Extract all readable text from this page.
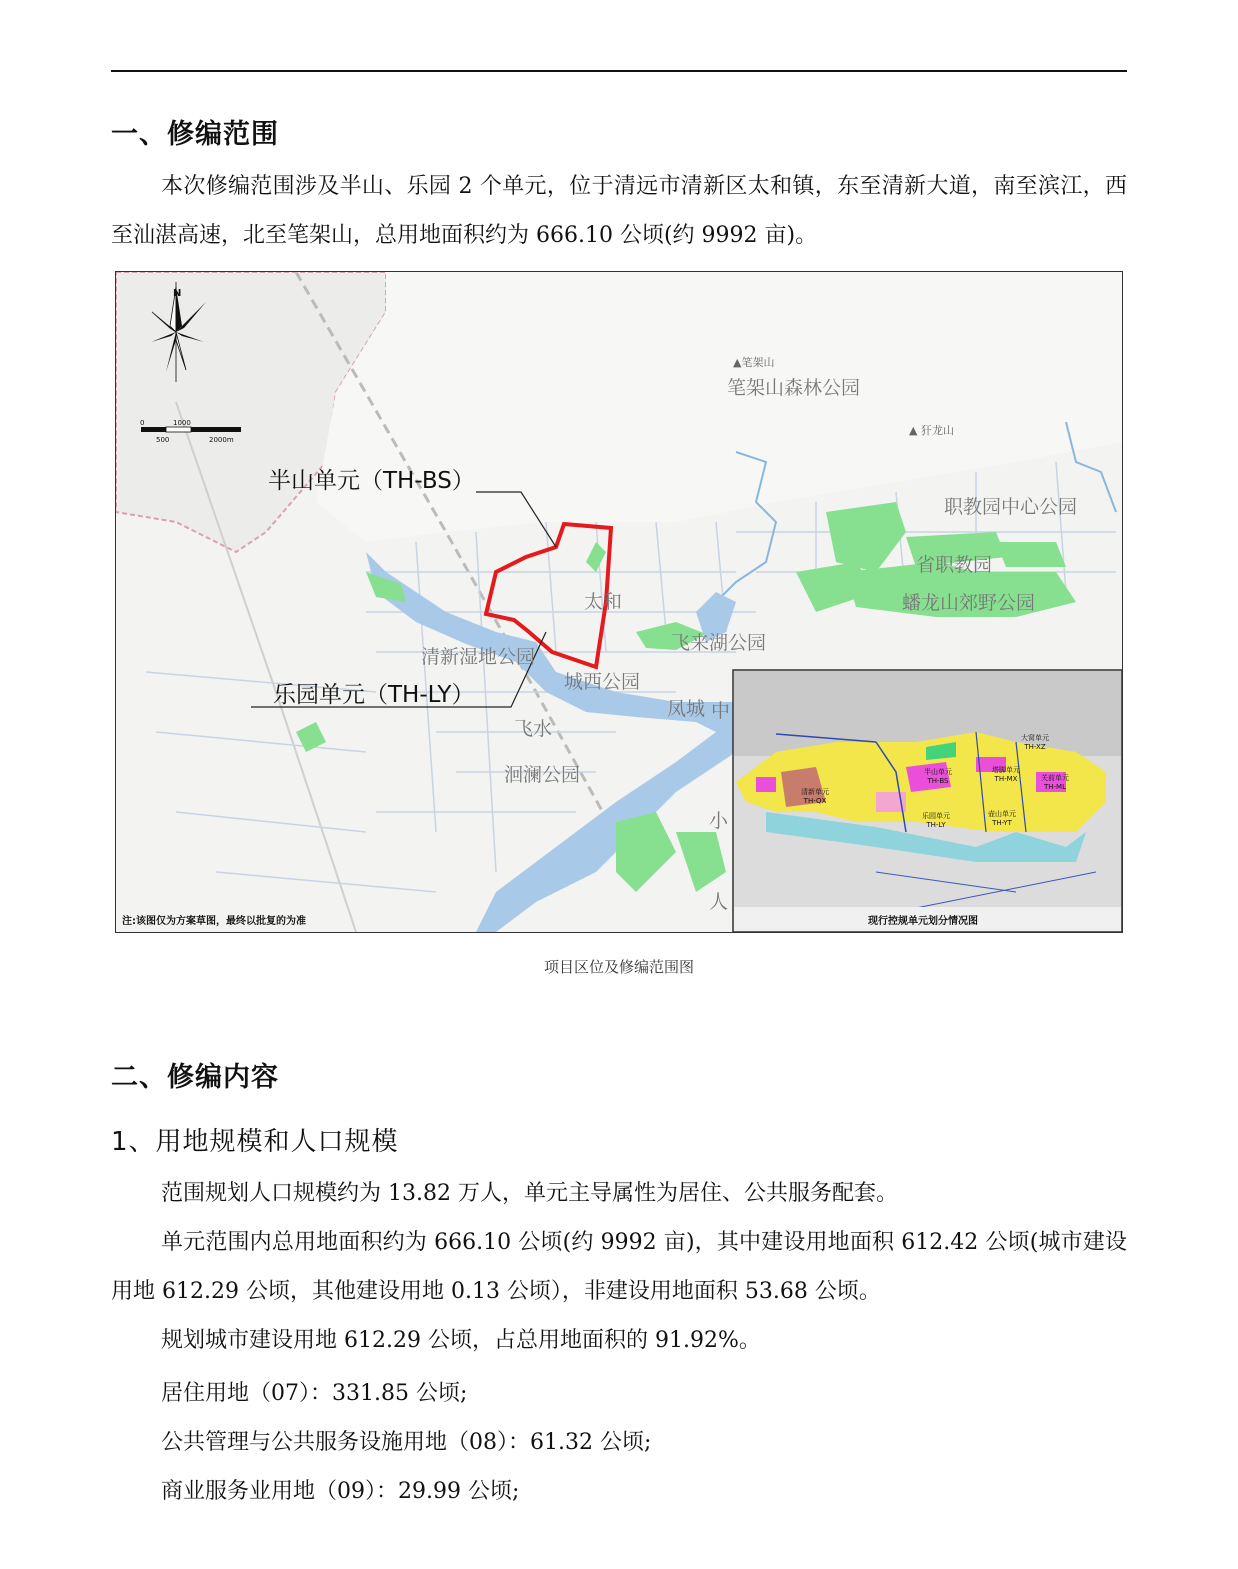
一、修编范围

本次修编范围涉及半山、乐园 2 个单元，位于清远市清新区太和镇，东至清新大道，南至滨江，西至汕湛高速，北至笔架山，总用地面积约为 666.10 公顷(约 9992 亩)。

N
0	1000
500	2000m
半山单元（TH-BS）
乐园单元（TH-LY）
▲笔架山
笔架山森林公园
▲ 犴龙山
职教园中心公园
省职教园
蟠龙山郊野公园
太和
飞来湖公园
清新湿地公园
城西公园
凤城 中
飞水
洄澜公园
小
人
注:该图仅为方案草图，最终以批复的为准
半山单元
TH-BS
乐园单元
TH-LY
塔脚单元
TH-MX
大窝单元
TH-XZ
关前单元
TH-ML
壶山单元
TH-YT
清新单元
TH-QX
现行控规单元划分情况图
项目区位及修编范围图
二、修编内容
1、用地规模和人口规模

范围规划人口规模约为 13.82 万人，单元主导属性为居住、公共服务配套。

单元范围内总用地面积约为 666.10 公顷(约 9992 亩)，其中建设用地面积 612.42 公顷(城市建设用地 612.29 公顷，其他建设用地 0.13 公顷），非建设用地面积 53.68 公顷。

规划城市建设用地 612.29 公顷，占总用地面积的 91.92%。

居住用地（07）：331.85 公顷;
公共管理与公共服务设施用地（08）：61.32 公顷;
商业服务业用地（09）：29.99 公顷;
